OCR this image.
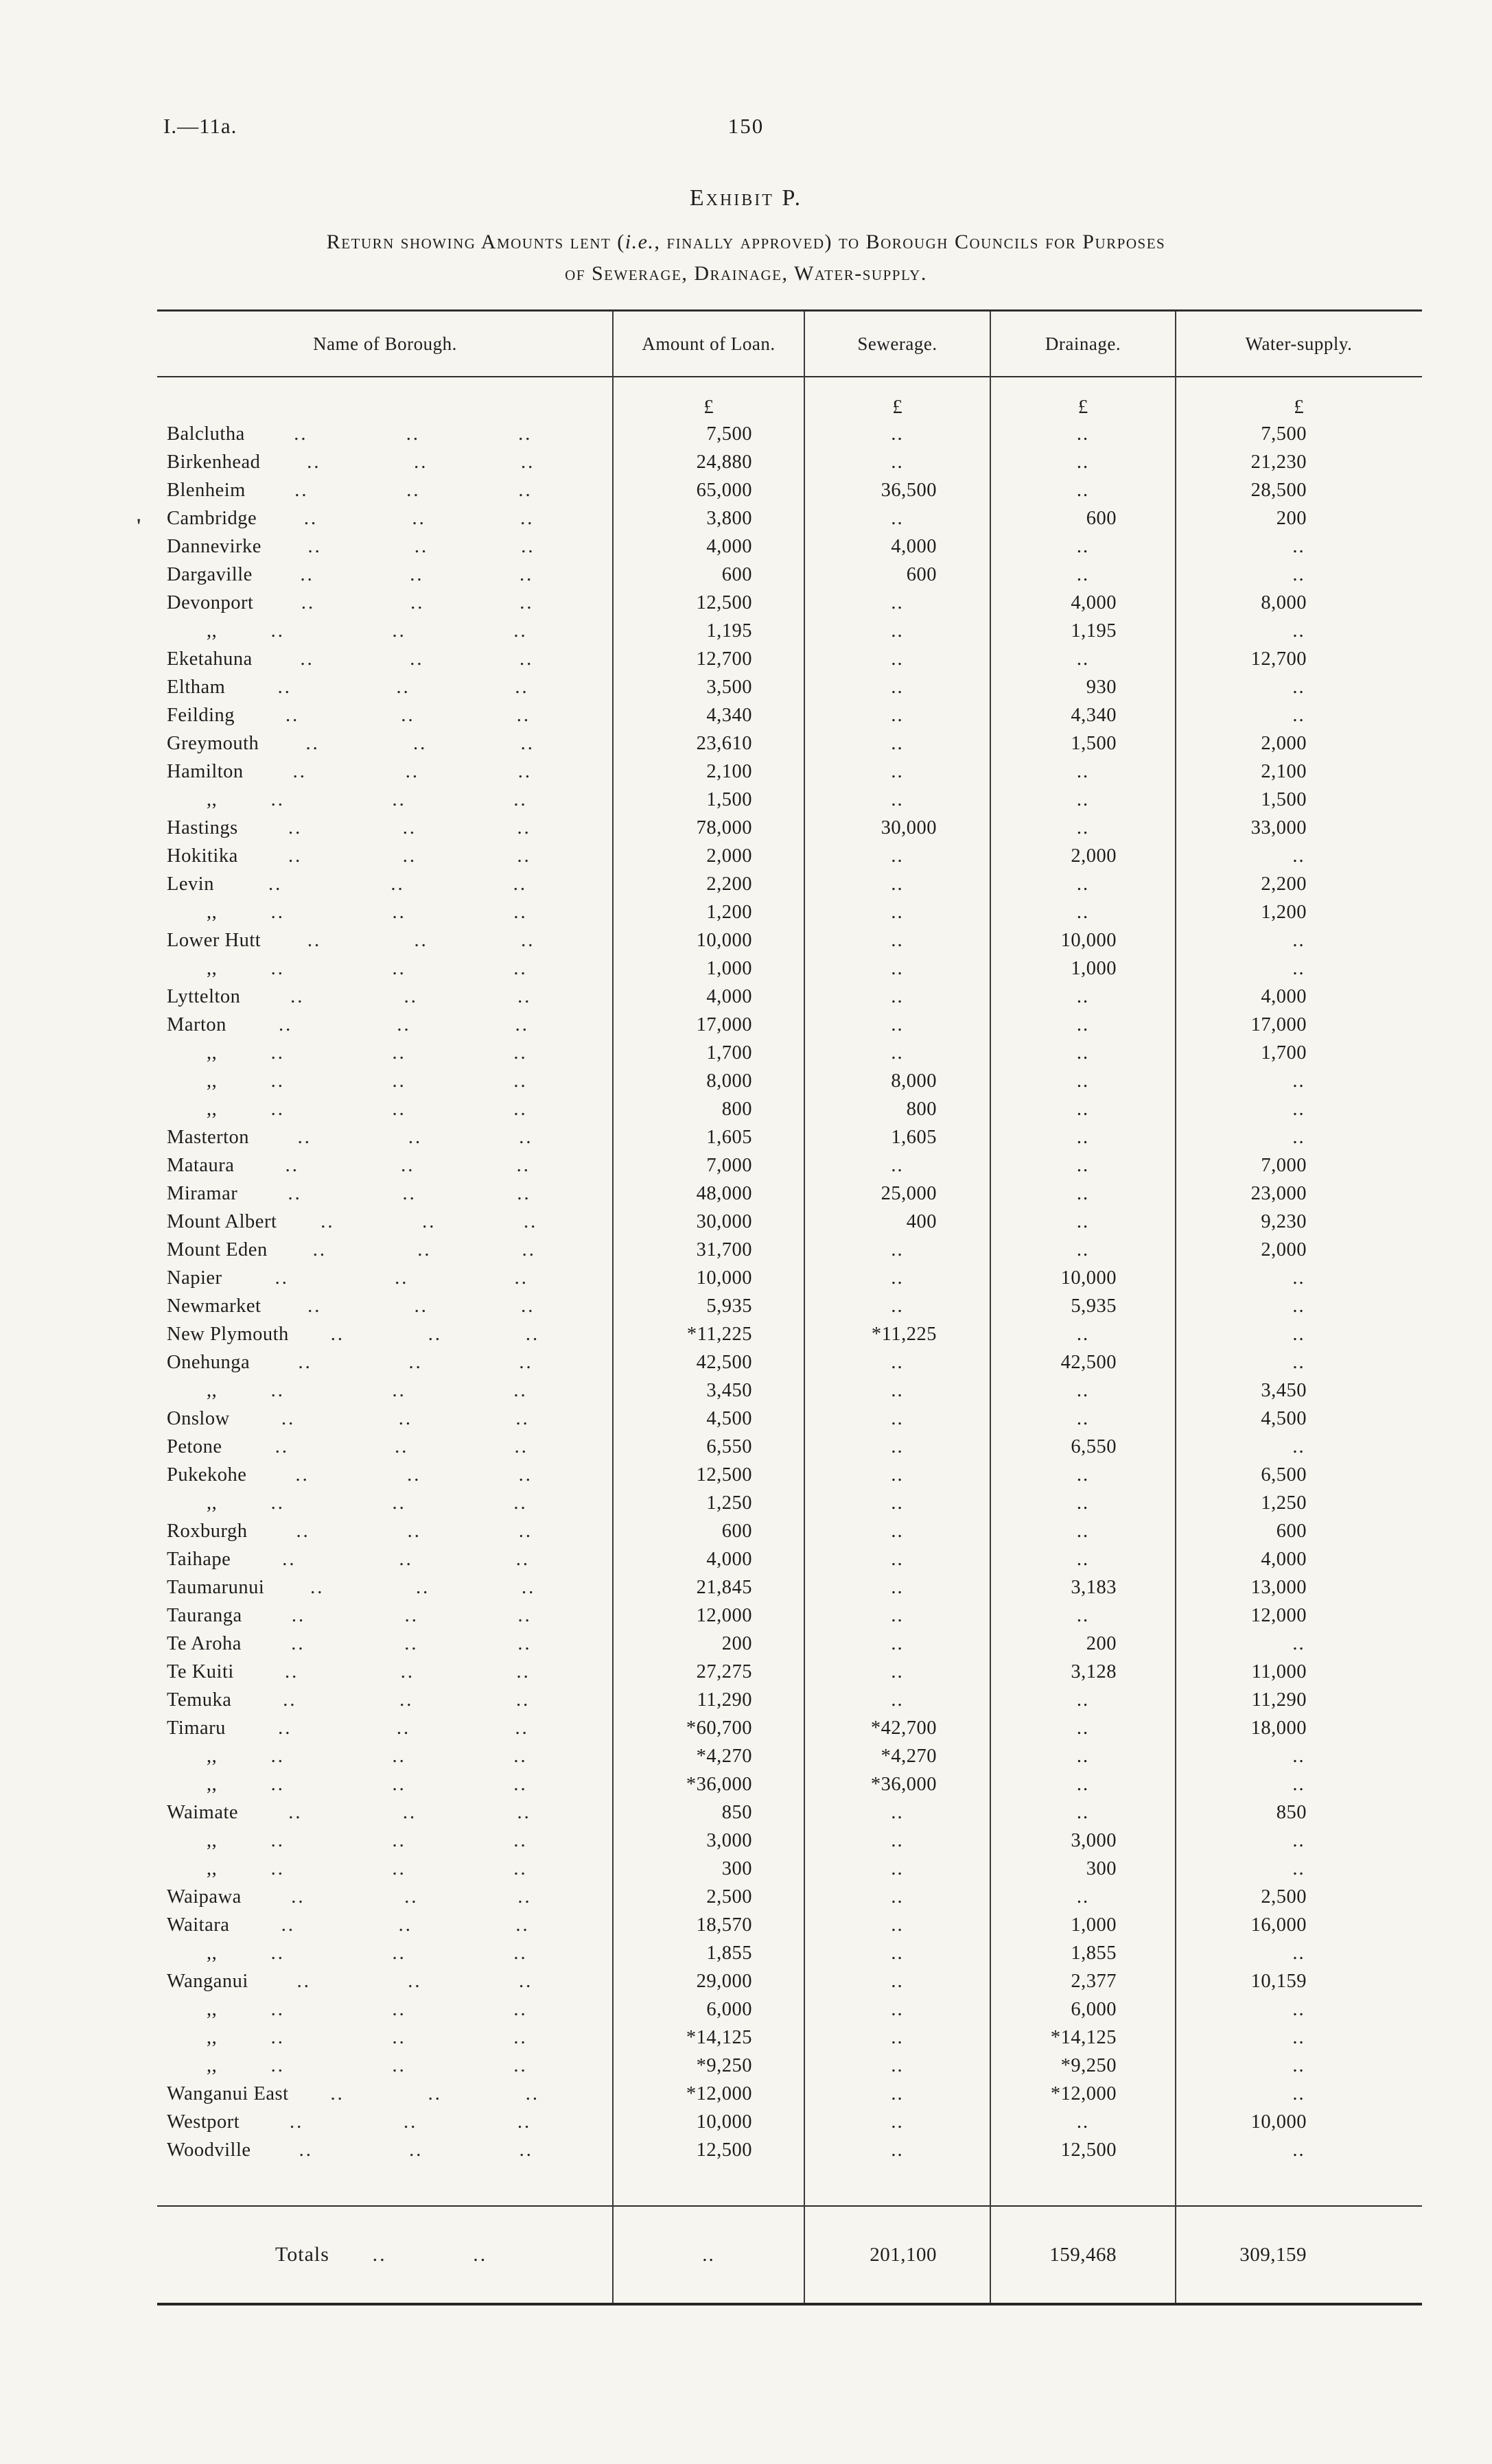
I.—11a.	150
Exhibit P.
Return showing Amounts lent (i.e., finally approved) to Borough Councils for Purposes
of Sewerage, Drainage, Water-supply.
'
Name of Borough.	Amount of Loan.	Sewerage.	Drainage.	Water-supply.
£	£	£	£
Balclutha	..	..	..	7,500	..	..	7,500
Birkenhead	..	..	..	24,880	..	..	21,230
Blenheim	..	..	..	65,000	36,500	..	28,500
Cambridge	..	..	..	3,800	..	600	200
Dannevirke	..	..	..	4,000	4,000	..	..
Dargaville	..	..	..	600	600	..	..
Devonport	..	..	..	12,500	..	4,000	8,000
,,	..	..	..	1,195	..	1,195	..
Eketahuna	..	..	..	12,700	..	..	12,700
Eltham	..	..	..	3,500	..	930	..
Feilding	..	..	..	4,340	..	4,340	..
Greymouth	..	..	..	23,610	..	1,500	2,000
Hamilton	..	..	..	2,100	..	..	2,100
,,	..	..	..	1,500	..	..	1,500
Hastings	..	..	..	78,000	30,000	..	33,000
Hokitika	..	..	..	2,000	..	2,000	..
Levin	..	..	..	2,200	..	..	2,200
,,	..	..	..	1,200	..	..	1,200
Lower Hutt	..	..	..	10,000	..	10,000	..
,,	..	..	..	1,000	..	1,000	..
Lyttelton	..	..	..	4,000	..	..	4,000
Marton	..	..	..	17,000	..	..	17,000
,,	..	..	..	1,700	..	..	1,700
,,	..	..	..	8,000	8,000	..	..
,,	..	..	..	800	800	..	..
Masterton	..	..	..	1,605	1,605	..	..
Mataura	..	..	..	7,000	..	..	7,000
Miramar	..	..	..	48,000	25,000	..	23,000
Mount Albert	..	..	..	30,000	400	..	9,230
Mount Eden	..	..	..	31,700	..	..	2,000
Napier	..	..	..	10,000	..	10,000	..
Newmarket	..	..	..	5,935	..	5,935	..
New Plymouth	..	..	..	*11,225	*11,225	..	..
Onehunga	..	..	..	42,500	..	42,500	..
,,	..	..	..	3,450	..	..	3,450
Onslow	..	..	..	4,500	..	..	4,500
Petone	..	..	..	6,550	..	6,550	..
Pukekohe	..	..	..	12,500	..	..	6,500
,,	..	..	..	1,250	..	..	1,250
Roxburgh	..	..	..	600	..	..	600
Taihape	..	..	..	4,000	..	..	4,000
Taumarunui	..	..	..	21,845	..	3,183	13,000
Tauranga	..	..	..	12,000	..	..	12,000
Te Aroha	..	..	..	200	..	200	..
Te Kuiti	..	..	..	27,275	..	3,128	11,000
Temuka	..	..	..	11,290	..	..	11,290
Timaru	..	..	..	*60,700	*42,700	..	18,000
,,	..	..	..	*4,270	*4,270	..	..
,,	..	..	..	*36,000	*36,000	..	..
Waimate	..	..	..	850	..	..	850
,,	..	..	..	3,000	..	3,000	..
,,	..	..	..	300	..	300	..
Waipawa	..	..	..	2,500	..	..	2,500
Waitara	..	..	..	18,570	..	1,000	16,000
,,	..	..	..	1,855	..	1,855	..
Wanganui	..	..	..	29,000	..	2,377	10,159
,,	..	..	..	6,000	..	6,000	..
,,	..	..	..	*14,125	..	*14,125	..
,,	..	..	..	*9,250	..	*9,250	..
Wanganui East	..	..	..	*12,000	..	*12,000	..
Westport	..	..	..	10,000	..	..	10,000
Woodville	..	..	..	12,500	..	12,500	..
Totals	..	..	..	201,100	159,468	309,159
